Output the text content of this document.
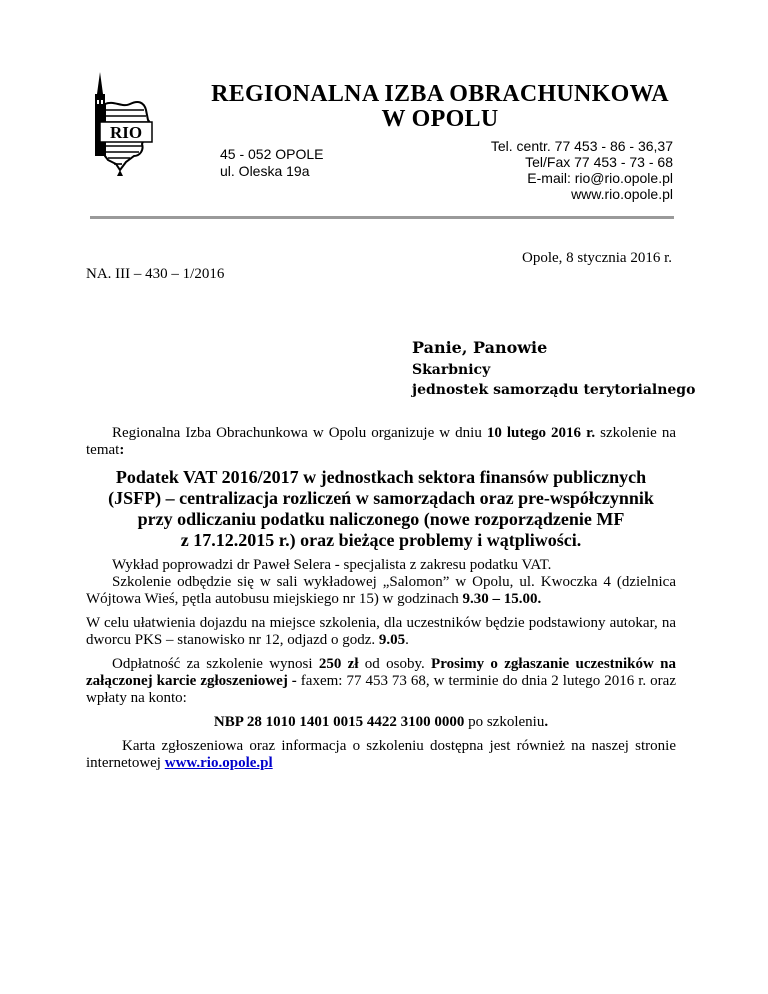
RIO
REGIONALNA IZBA OBRACHUNKOWA
W OPOLU
45 - 052 OPOLE
ul. Oleska 19a
Tel. centr. 77 453 - 86 - 36,37
Tel/Fax 77 453 - 73 - 68
E-mail: rio@rio.opole.pl
www.rio.opole.pl
Opole, 8 stycznia 2016 r.
NA. III – 430 – 1/2016
Panie, Panowie
Skarbnicy
jednostek samorządu terytorialnego

Regionalna Izba Obrachunkowa w Opolu organizuje w dniu 10 lutego 2016 r. szkolenie na temat:

Podatek VAT 2016/2017 w jednostkach sektora finansów publicznych
(JSFP) – centralizacja rozliczeń w samorządach oraz pre-współczynnik
przy odliczaniu podatku naliczonego (nowe rozporządzenie MF
z 17.12.2015 r.) oraz bieżące problemy i wątpliwości.

Wykład poprowadzi dr Paweł Selera - specjalista z zakresu podatku VAT.

Szkolenie odbędzie się w sali wykładowej „Salomon” w Opolu, ul. Kwoczka 4 (dzielnica Wójtowa Wieś, pętla autobusu miejskiego nr 15) w godzinach 9.30 – 15.00.

W celu ułatwienia dojazdu na miejsce szkolenia, dla uczestników będzie podstawiony autokar, na dworcu PKS – stanowisko nr 12, odjazd o godz. 9.05.

Odpłatność za szkolenie wynosi 250 zł od osoby. Prosimy o zgłaszanie uczestników na załączonej karcie zgłoszeniowej - faxem: 77 453 73 68, w terminie do dnia 2 lutego 2016 r. oraz wpłaty na konto:

NBP 28 1010 1401 0015 4422 3100 0000 po szkoleniu.

Karta zgłoszeniowa oraz informacja o szkoleniu dostępna jest również na naszej stronie internetowej www.rio.opole.pl
